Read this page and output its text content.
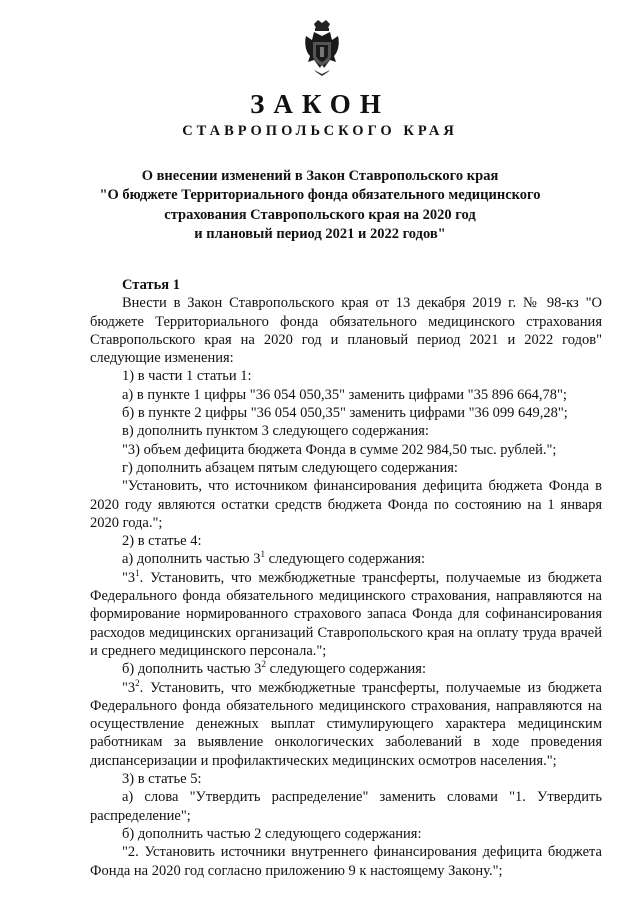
ЗАКОН
СТАВРОПОЛЬСКОГО КРАЯ
О внесении изменений в Закон Ставропольского края
"О бюджете Территориального фонда обязательного медицинского
страхования Ставропольского края на 2020 год
и плановый период 2021 и 2022 годов"

Статья 1

Внести в Закон Ставропольского края от 13 декабря 2019 г. № 98-кз "О бюджете Территориального фонда обязательного медицинского страхования Ставропольского края на 2020 год и плановый период 2021 и 2022 годов" следующие изменения:

1) в части 1 статьи 1:

а) в пункте 1 цифры "36 054 050,35" заменить цифрами "35 896 664,78";

б) в пункте 2 цифры "36 054 050,35" заменить цифрами "36 099 649,28";

в) дополнить пунктом 3 следующего содержания:

"3) объем дефицита бюджета Фонда в сумме 202 984,50 тыс. рублей.";

г) дополнить абзацем пятым следующего содержания:

"Установить, что источником финансирования дефицита бюджета Фонда в 2020 году являются остатки средств бюджета Фонда по состоянию на 1 января 2020 года.";

2) в статье 4:

а) дополнить частью $3^1$ следующего содержания:

"$3^1$. Установить, что межбюджетные трансферты, получаемые из бюджета Федерального фонда обязательного медицинского страхования, направляются на формирование нормированного страхового запаса Фонда для софинансирования расходов медицинских организаций Ставропольского края на оплату труда врачей и среднего медицинского персонала.";

б) дополнить частью $3^2$ следующего содержания:

"$3^2$. Установить, что межбюджетные трансферты, получаемые из бюджета Федерального фонда обязательного медицинского страхования, направляются на осуществление денежных выплат стимулирующего характера медицинским работникам за выявление онкологических заболеваний в ходе проведения диспансеризации и профилактических медицинских осмотров населения.";

3) в статье 5:

а) слова "Утвердить распределение" заменить словами "1. Утвердить распределение";

б) дополнить частью 2 следующего содержания:

"2. Установить источники внутреннего финансирования дефицита бюджета Фонда на 2020 год согласно приложению 9 к настоящему Закону.";
